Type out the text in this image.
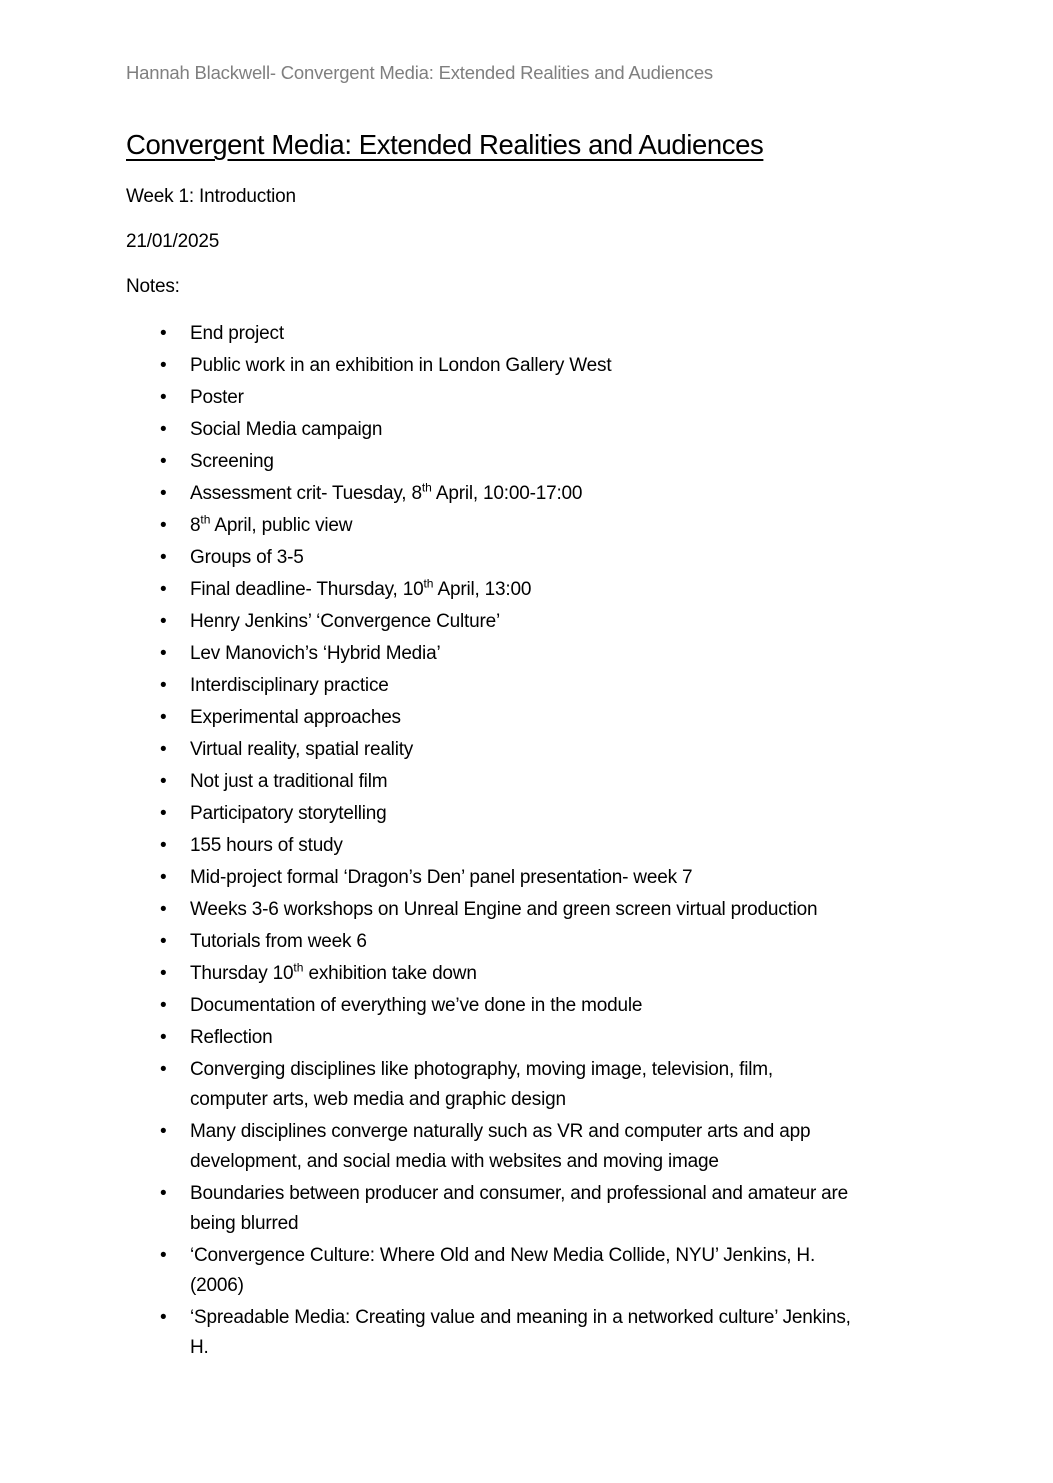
Hannah Blackwell- Convergent Media: Extended Realities and Audiences
Convergent Media: Extended Realities and Audiences

Week 1: Introduction

21/01/2025

Notes:

• End project
• Public work in an exhibition in London Gallery West
• Poster
• Social Media campaign
• Screening
• Assessment crit- Tuesday, 8th April, 10:00-17:00
• 8th April, public view
• Groups of 3-5
• Final deadline- Thursday, 10th April, 13:00
• Henry Jenkins’ ‘Convergence Culture’
• Lev Manovich’s ‘Hybrid Media’
• Interdisciplinary practice
• Experimental approaches
• Virtual reality, spatial reality
• Not just a traditional film
• Participatory storytelling
• 155 hours of study
• Mid-project formal ‘Dragon’s Den’ panel presentation- week 7
• Weeks 3-6 workshops on Unreal Engine and green screen virtual production
• Tutorials from week 6
• Thursday 10th exhibition take down
• Documentation of everything we’ve done in the module
• Reflection
• Converging disciplines like photography, moving image, television, film,
computer arts, web media and graphic design
• Many disciplines converge naturally such as VR and computer arts and app
development, and social media with websites and moving image
• Boundaries between producer and consumer, and professional and amateur are
being blurred
• ‘Convergence Culture: Where Old and New Media Collide, NYU’ Jenkins, H.
(2006)
• ‘Spreadable Media: Creating value and meaning in a networked culture’ Jenkins,
H.
